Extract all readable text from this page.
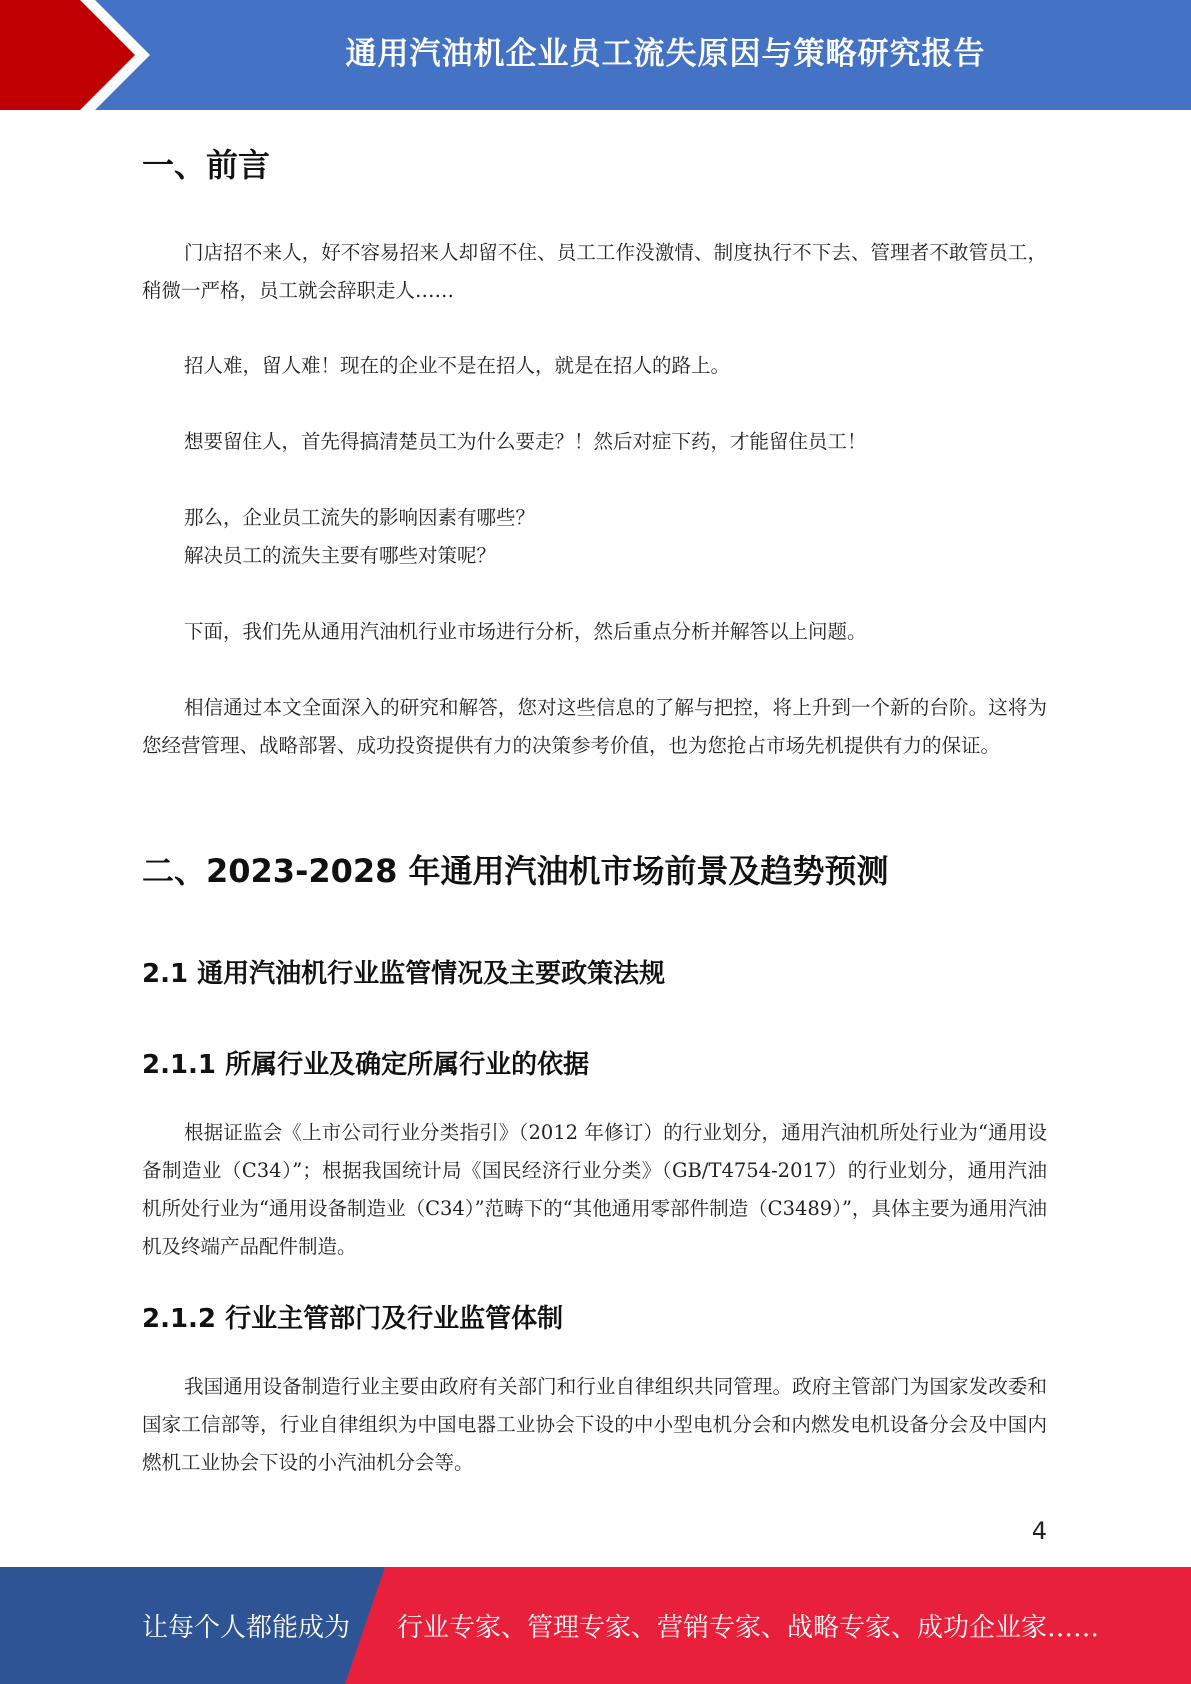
通用汽油机企业员工流失原因与策略研究报告
一、前言
门店招不来人，好不容易招来人却留不住、员工工作没激情、制度执行不下去、管理者不敢管员工，稍微一严格，员工就会辞职走人……
招人难，留人难！现在的企业不是在招人，就是在招人的路上。
想要留住人，首先得搞清楚员工为什么要走？！然后对症下药，才能留住员工！
那么，企业员工流失的影响因素有哪些？
解决员工的流失主要有哪些对策呢？
下面，我们先从通用汽油机行业市场进行分析，然后重点分析并解答以上问题。
相信通过本文全面深入的研究和解答，您对这些信息的了解与把控，将上升到一个新的台阶。这将为您经营管理、战略部署、成功投资提供有力的决策参考价值，也为您抢占市场先机提供有力的保证。
二、2023-2028 年通用汽油机市场前景及趋势预测
2.1 通用汽油机行业监管情况及主要政策法规
2.1.1 所属行业及确定所属行业的依据
根据证监会《上市公司行业分类指引》（2012 年修订）的行业划分，通用汽油机所处行业为“通用设备制造业（C34）”；根据我国统计局《国民经济行业分类》（GB/T4754-2017）的行业划分，通用汽油机所处行业为“通用设备制造业（C34）”范畴下的“其他通用零部件制造（C3489）”，具体主要为通用汽油机及终端产品配件制造。
2.1.2 行业主管部门及行业监管体制
我国通用设备制造行业主要由政府有关部门和行业自律组织共同管理。政府主管部门为国家发改委和国家工信部等，行业自律组织为中国电器工业协会下设的中小型电机分会和内燃发电机设备分会及中国内燃机工业协会下设的小汽油机分会等。
4
让每个人都能成为 行业专家、管理专家、营销专家、战略专家、成功企业家……
